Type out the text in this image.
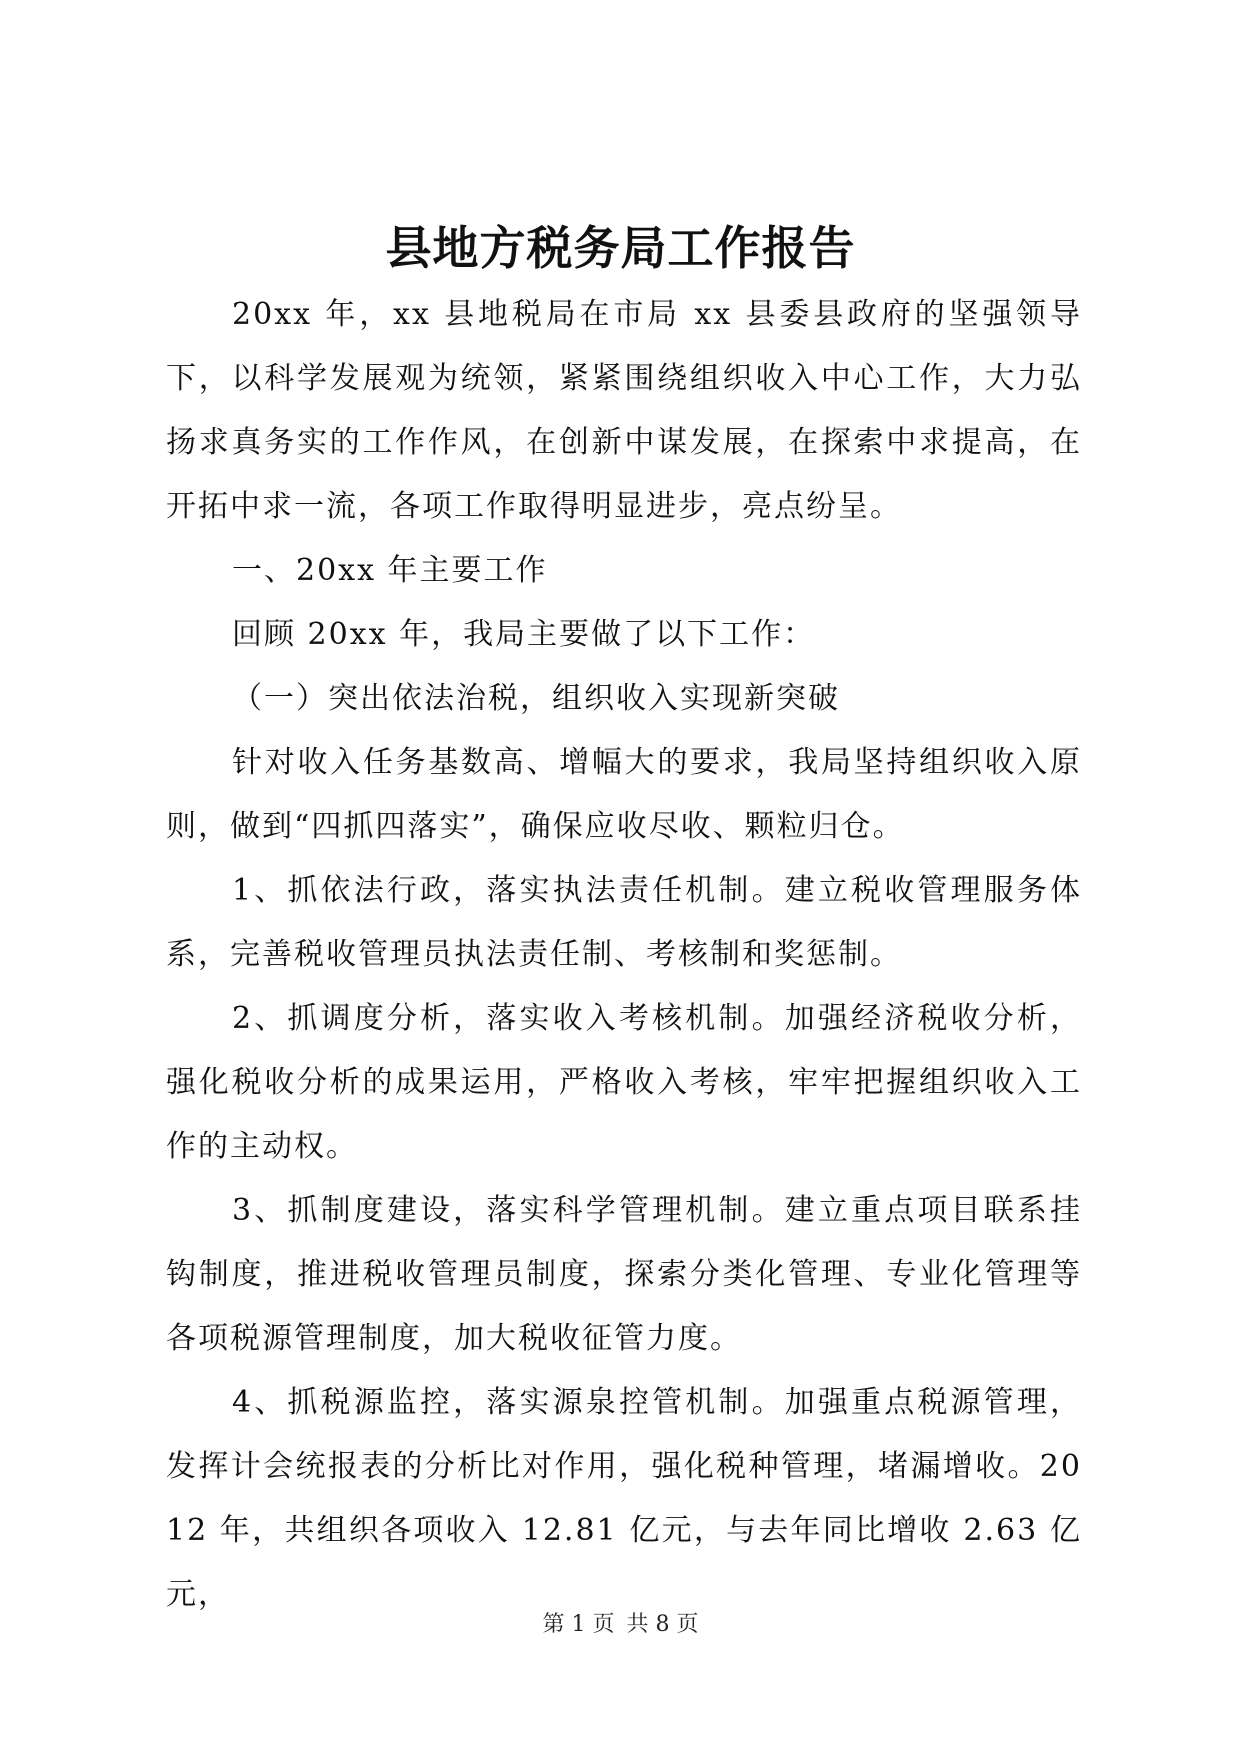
县地方税务局工作报告

20xx 年，xx 县地税局在市局 xx 县委县政府的坚强领导下，以科学发展观为统领，紧紧围绕组织收入中心工作，大力弘扬求真务实的工作作风，在创新中谋发展，在探索中求提高，在开拓中求一流，各项工作取得明显进步，亮点纷呈。

一、20xx 年主要工作

回顾 20xx 年，我局主要做了以下工作：

（一）突出依法治税，组织收入实现新突破

针对收入任务基数高、增幅大的要求，我局坚持组织收入原则，做到“四抓四落实”，确保应收尽收、颗粒归仓。

1、抓依法行政，落实执法责任机制。建立税收管理服务体系，完善税收管理员执法责任制、考核制和奖惩制。

2、抓调度分析，落实收入考核机制。加强经济税收分析，强化税收分析的成果运用，严格收入考核，牢牢把握组织收入工作的主动权。

3、抓制度建设，落实科学管理机制。建立重点项目联系挂钩制度，推进税收管理员制度，探索分类化管理、专业化管理等各项税源管理制度，加大税收征管力度。

4、抓税源监控，落实源泉控管机制。加强重点税源管理，发挥计会统报表的分析比对作用，强化税种管理，堵漏增收。2012 年，共组织各项收入 12.81 亿元，与去年同比增收 2.63 亿元，

第 1 页 共 8 页
